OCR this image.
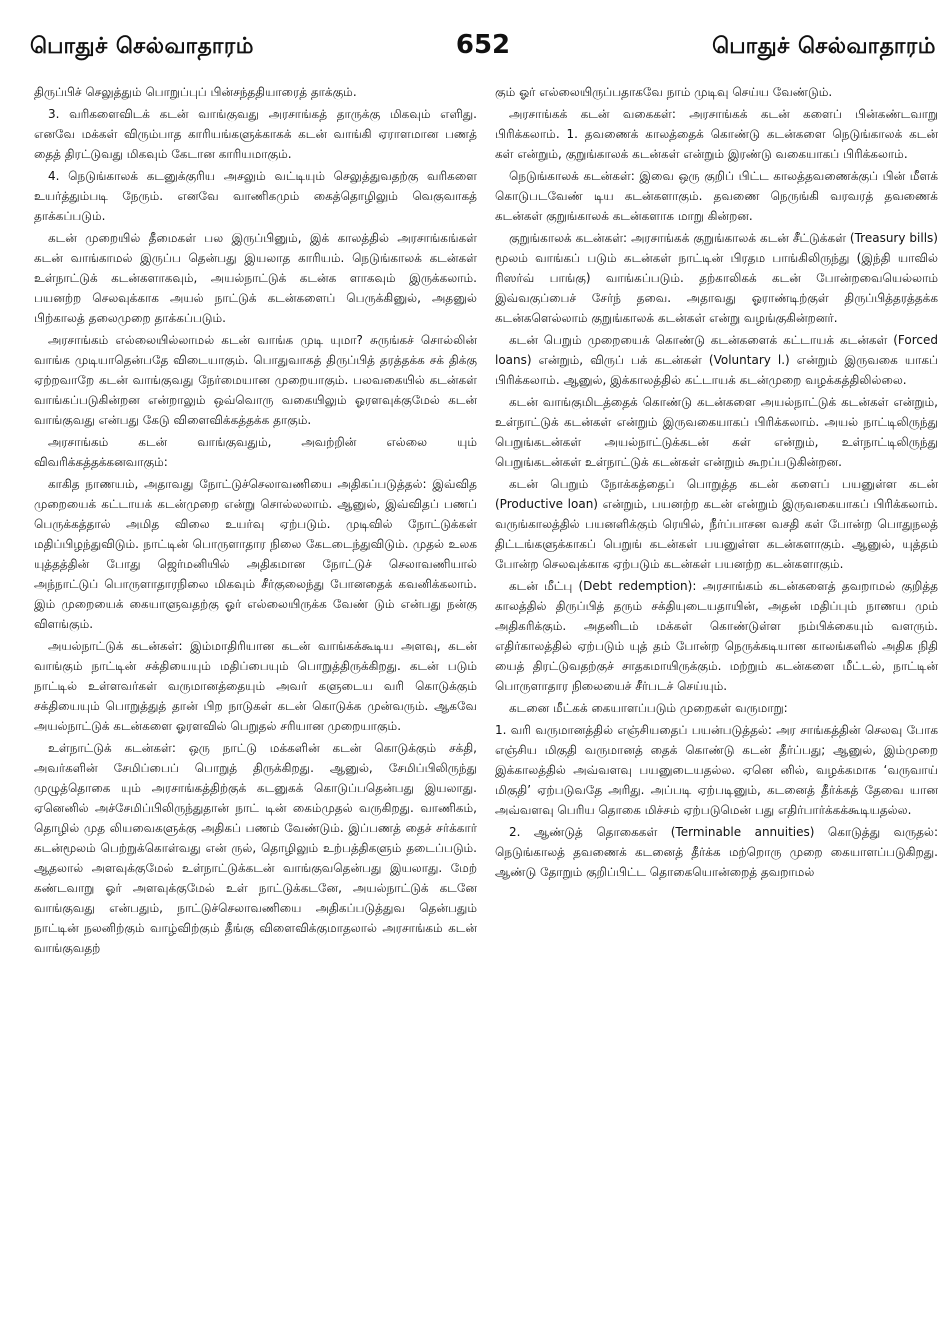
பொதுச் செல்வாதாரம்	652	பொதுச் செல்வாதாரம்

திருப்பிச் செலுத்தும் பொறுப்புப் பின்சந்ததியாரைத் தாக்கும்.

3. வரிகளைவிடக் கடன் வாங்குவது அரசாங்கத் தாருக்கு மிகவும் எளிது. எனவே மக்கள் விரும்பாத காரியங்களுக்காகக் கடன் வாங்கி ஏராளமான பணத் தைத் திரட்டுவது மிகவும் கேடான காரியமாகும்.

4. நெடுங்காலக் கடனுக்குரிய அசலும் வட்டியும் செலுத்துவதற்கு வரிகளை உயர்த்தும்படி நேரும். எனவே வாணிகமும் கைத்தொழிலும் வெகுவாகத் தாக்கப்படும்.

கடன் முறையில் தீமைகள் பல இருப்பினும், இக் காலத்தில் அரசாங்கங்கள் கடன் வாங்காமல் இருப்ப தென்பது இயலாத காரியம். நெடுங்காலக் கடன்கள் உள்நாட்டுக் கடன்களாகவும், அயல்நாட்டுக் கடன்க ளாகவும் இருக்கலாம். பயனற்ற செலவுக்காக அயல் நாட்டுக் கடன்களைப் பெருக்கினுல், அதனுல் பிற்காலத் தலைமுறை தாக்கப்படும்.

அரசாங்கம் எல்லையில்லாமல் கடன் வாங்க முடி யுமா? சுருங்கச் சொல்லின் வாங்க முடியாதென்பதே விடையாகும். பொதுவாகத் திருப்பித் தரத்தக்க சக் திக்கு ஏற்றவாறே கடன் வாங்குவது நேர்மையான முறையாகும். பலவகையில் கடன்கள் வாங்கப்படுகின்றன என்றாலும் ஒவ்வொரு வகையிலும் ஓரளவுக்குமேல் கடன் வாங்குவது என்பது கேடு விளைவிக்கத்தக்க தாகும்.

அரசாங்கம் கடன் வாங்குவதும், அவற்றின் எல்லை யும் விவரிக்கத்தக்கனவாகும்:

காகித நாணயம், அதாவது நோட்டுச்செலாவணியை அதிகப்படுத்தல்: இவ்வித முறையைக் கட்டாயக் கடன்முறை என்று சொல்லலாம். ஆனுல், இவ்விதப் பணப் பெருக்கத்தால் அமித விலை உயர்வு ஏற்படும். முடிவில் நோட்டுக்கள் மதிப்பிழந்துவிடும். நாட்டின் பொருளாதார நிலை கேடடைந்துவிடும். முதல் உலக யுத்தத்தின் போது ஜெர்மனியில் அதிகமான நோட்டுச் செலாவணியால் அந்நாட்டுப் பொருளாதாரநிலை மிகவும் சீர்குலைந்து போனதைக் கவனிக்கலாம். இம் முறையைக் கையாளுவதற்கு ஓர் எல்லையிருக்க வேண் டும் என்பது நன்கு விளங்கும்.

அயல்நாட்டுக் கடன்கள்: இம்மாதிரியான கடன் வாங்கக்கூடிய அளவு, கடன் வாங்கும் நாட்டின் சக்தியையும் மதிப்பையும் பொறுத்திருக்கிறது. கடன் படும் நாட்டில் உள்ளவர்கள் வருமானத்தையும் அவர் களுடைய வரி கொடுக்கும் சக்தியையும் பொறுத்துத் தான் பிற நாடுகள் கடன் கொடுக்க முன்வரும். ஆகவே அயல்நாட்டுக் கடன்களை ஓரளவில் பெறுதல் சரியான முறையாகும்.

உள்நாட்டுக் கடன்கள்: ஒரு நாட்டு மக்களின் கடன் கொடுக்கும் சக்தி, அவர்களின் சேமிப்பைப் பொறுத் திருக்கிறது. ஆனுல், சேமிப்பிலிருந்து முழுத்தொகை யும் அரசாங்கத்திற்குக் கடனுகக் கொடுப்பதென்பது இயலாது. ஏனெனில் அச்சேமிப்பிலிருந்துதான் நாட் டின் கைம்முதல் வருகிறது. வாணிகம், தொழில் முத லியவைகளுக்கு அதிகப் பணம் வேண்டும். இப்பணத் தைச் சர்க்கார் கடன்மூலம் பெற்றுக்கொள்வது என் ருல், தொழிலும் உற்பத்திகளும் தடைப்படும். ஆதலால் அளவுக்குமேல் உள்நாட்டுக்கடன் வாங்குவதென்பது இயலாது. மேற் கண்டவாறு ஓர் அளவுக்குமேல் உள் நாட்டுக்கடனே, அயல்நாட்டுக் கடனே வாங்குவது என்பதும், நாட்டுச்செலாவணியை அதிகப்படுத்துவ தென்பதும் நாட்டின் நலனிற்கும் வாழ்விற்கும் தீங்கு விளைவிக்குமாதலால் அரசாங்கம் கடன் வாங்குவதற்

கும் ஓர் எல்லையிருப்பதாகவே நாம் முடிவு செய்ய வேண்டும்.

அரசாங்கக் கடன் வகைகள்: அரசாங்கக் கடன் களைப் பின்கண்டவாறு பிரிக்கலாம். 1. தவணைக் காலத்தைக் கொண்டு கடன்களை நெடுங்காலக் கடன் கள் என்றும், குறுங்காலக் கடன்கள் என்றும் இரண்டு வகையாகப் பிரிக்கலாம்.

நெடுங்காலக் கடன்கள்: இவை ஒரு குறிப் பிட்ட காலத்தவணைக்குப் பின் மீளக் கொடுபடவேண் டிய கடன்களாகும். தவணை நெருங்கி வரவரத் தவணைக் கடன்கள் குறுங்காலக் கடன்களாக மாறு கின்றன.

குறுங்காலக் கடன்கள்: அரசாங்கக் குறுங்காலக் கடன் சீட்டுக்கள் (Treasury bills) மூலம் வாங்கப் படும் கடன்கள் நாட்டின் பிரதம பாங்கிலிருந்து (இந்தி யாவில் ரிஸர்வ் பாங்கு) வாங்கப்படும். தற்காலிகக் கடன் போன்றவையெல்லாம் இவ்வகுப்பைச் சேர்ந் தவை. அதாவது ஓராண்டிற்குள் திருப்பித்தரத்தக்க கடன்களெல்லாம் குறுங்காலக் கடன்கள் என்று வழங்குகின்றனர்.

கடன் பெறும் முறையைக் கொண்டு கடன்களைக் கட்டாயக் கடன்கள் (Forced loans) என்றும், விருப் பக் கடன்கள் (Voluntary l.) என்றும் இருவகை யாகப் பிரிக்கலாம். ஆனுல், இக்காலத்தில் கட்டாயக் கடன்முறை வழக்கத்திலில்லை.

கடன் வாங்குமிடத்தைக் கொண்டு கடன்களை அயல்நாட்டுக் கடன்கள் என்றும், உள்நாட்டுக் கடன்கள் என்றும் இருவகையாகப் பிரிக்கலாம். அயல் நாட்டிலிருந்து பெறுங்கடன்கள் அயல்நாட்டுக்கடன் கள் என்றும், உள்நாட்டிலிருந்து பெறுங்கடன்கள் உள்நாட்டுக் கடன்கள் என்றும் கூறப்படுகின்றன.

கடன் பெறும் நோக்கத்தைப் பொறுத்த கடன் களைப் பயனுள்ள கடன் (Productive loan) என்றும், பயனற்ற கடன் என்றும் இருவகையாகப் பிரிக்கலாம். வருங்காலத்தில் பயனளிக்கும் ரெயில், நீர்ப்பாசன வசதி கள் போன்ற பொதுநலத் திட்டங்களுக்காகப் பெறுங் கடன்கள் பயனுள்ள கடன்களாகும். ஆனுல், யுத்தம் போன்ற செலவுக்காக ஏற்படும் கடன்கள் பயனற்ற கடன்களாகும்.

கடன் மீட்பு (Debt redemption): அரசாங்கம் கடன்களைத் தவறாமல் குறித்த காலத்தில் திருப்பித் தரும் சக்தியுடையதாயின், அதன் மதிப்பும் நாணய மும் அதிகரிக்கும். அதனிடம் மக்கள் கொண்டுள்ள நம்பிக்கையும் வளரும். எதிர்காலத்தில் ஏற்படும் யுத் தம் போன்ற நெருக்கடியான காலங்களில் அதிக நிதி யைத் திரட்டுவதற்குச் சாதகமாயிருக்கும். மற்றும் கடன்களை மீட்டல், நாட்டின் பொருளாதார நிலையைச் சீர்படச் செய்யும்.

கடனை மீட்கக் கையாளப்படும் முறைகள் வருமாறு:

1. வரி வருமானத்தில் எஞ்சியதைப் பயன்படுத்தல்: அர சாங்கத்தின் செலவு போக எஞ்சிய மிகுதி வருமானத் தைக் கொண்டு கடன் தீர்ப்பது; ஆனுல், இம்முறை இக்காலத்தில் அவ்வளவு பயனுடையதல்ல. ஏனெ னில், வழக்கமாக ‘வருவாய் மிகுதி’ ஏற்படுவதே அரிது. அப்படி ஏற்படினும், கடனைத் தீர்க்கத் தேவை யான அவ்வளவு பெரிய தொகை மிச்சம் ஏற்படுமென் பது எதிர்பார்க்கக்கூடியதல்ல.

2. ஆண்டுத் தொகைகள் (Terminable annuities) கொடுத்து வருதல்: நெடுங்காலத் தவணைக் கடனைத் தீர்க்க மற்றொரு முறை கையாளப்படுகிறது. ஆண்டு தோறும் குறிப்பிட்ட தொகையொன்றைத் தவறாமல்
